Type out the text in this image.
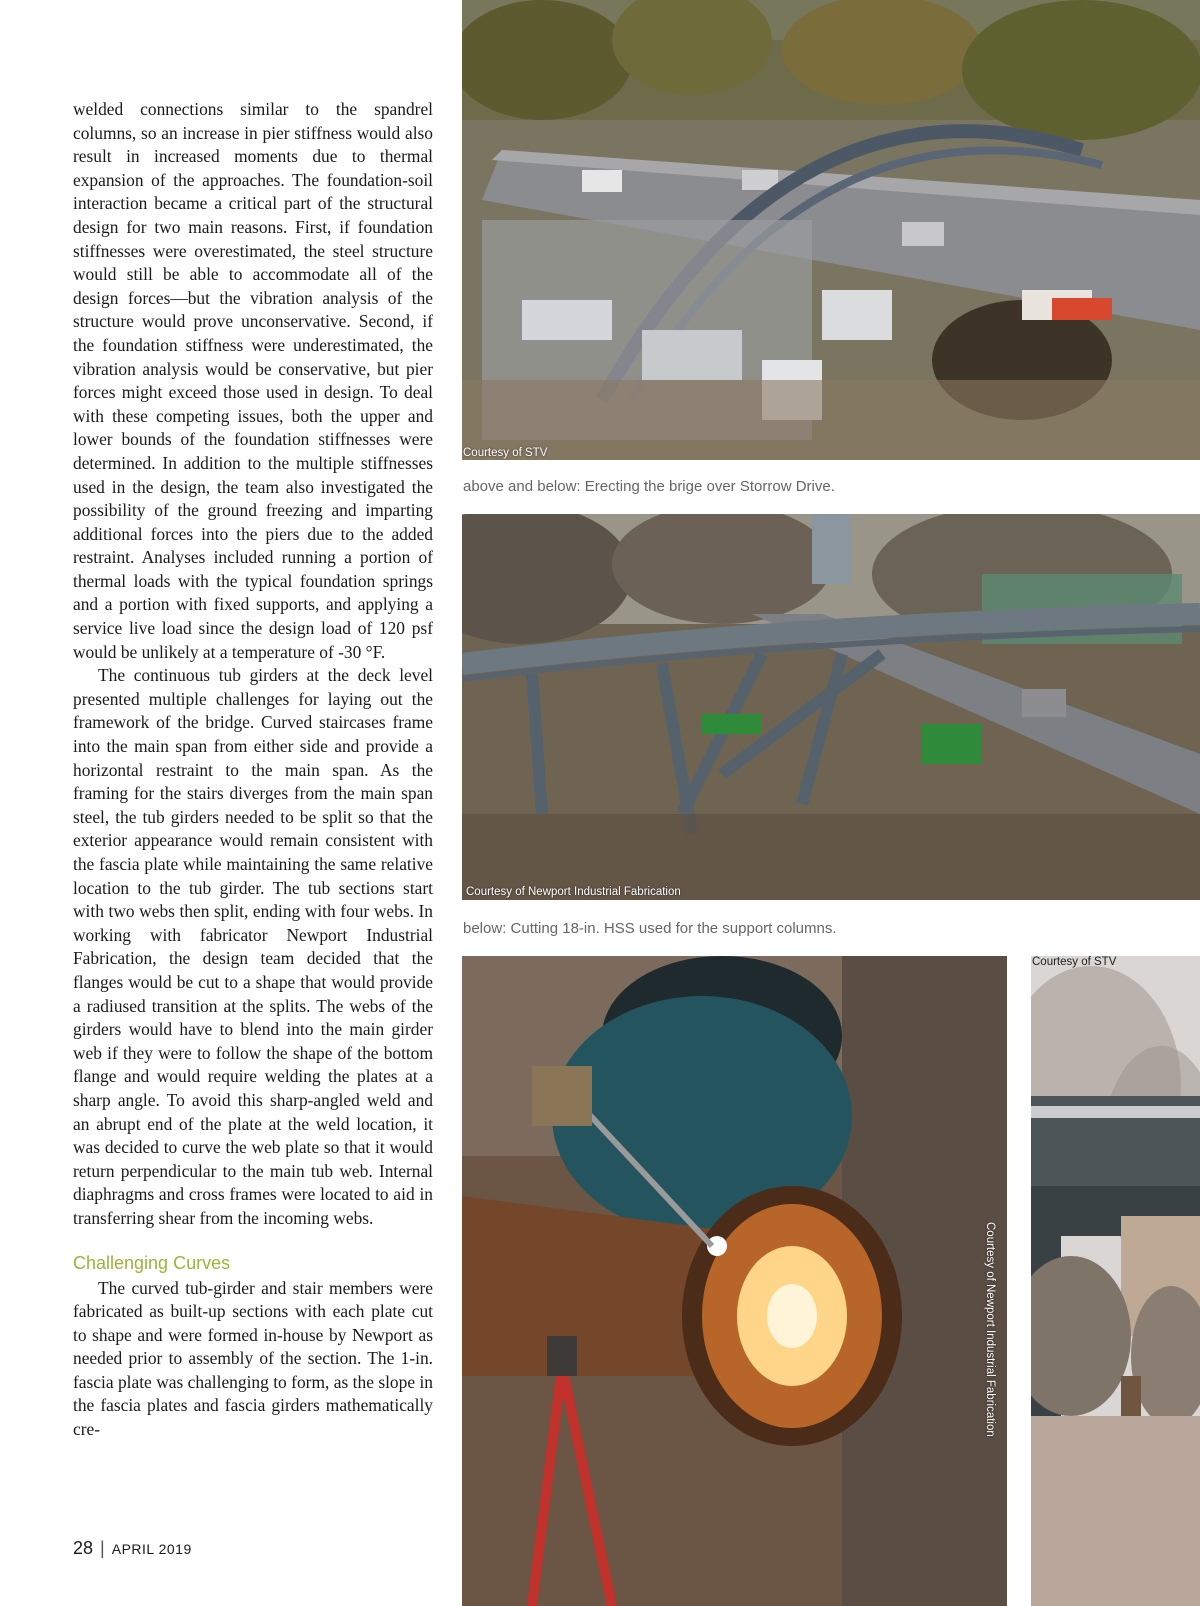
welded connections similar to the spandrel columns, so an increase in pier stiffness would also result in increased moments due to thermal expansion of the approaches. The foundation-soil interaction became a critical part of the structural design for two main reasons. First, if foundation stiffnesses were overestimated, the steel structure would still be able to accommodate all of the design forces—but the vibration analysis of the structure would prove unconservative. Second, if the foundation stiffness were underestimated, the vibration analysis would be conservative, but pier forces might exceed those used in design. To deal with these competing issues, both the upper and lower bounds of the foundation stiffnesses were determined. In addition to the multiple stiffnesses used in the design, the team also investigated the possibility of the ground freezing and imparting additional forces into the piers due to the added restraint. Analyses included running a portion of thermal loads with the typical foundation springs and a portion with fixed supports, and applying a service live load since the design load of 120 psf would be unlikely at a temperature of -30 °F.

The continuous tub girders at the deck level presented multiple challenges for laying out the framework of the bridge. Curved staircases frame into the main span from either side and provide a horizontal restraint to the main span. As the framing for the stairs diverges from the main span steel, the tub girders needed to be split so that the exterior appearance would remain consistent with the fascia plate while maintaining the same relative location to the tub girder. The tub sections start with two webs then split, ending with four webs. In working with fabricator Newport Industrial Fabrication, the design team decided that the flanges would be cut to a shape that would provide a radiused transition at the splits. The webs of the girders would have to blend into the main girder web if they were to follow the shape of the bottom flange and would require welding the plates at a sharp angle. To avoid this sharp-angled weld and an abrupt end of the plate at the weld location, it was decided to curve the web plate so that it would return perpendicular to the main tub web. Internal diaphragms and cross frames were located to aid in transferring shear from the incoming webs.

Challenging Curves

The curved tub-girder and stair members were fabricated as built-up sections with each plate cut to shape and were formed in-house by Newport as needed prior to assembly of the section. The 1-in. fascia plate was challenging to form, as the slope in the fascia plates and fascia girders mathematically cre-

28 | APRIL 2019
Courtesy of STV
above and below: Erecting the brige over Storrow Drive.
Courtesy of Newport Industrial Fabrication
below: Cutting 18-in. HSS used for the support columns.
Courtesy of Newport Industrial Fabrication
Courtesy of STV
